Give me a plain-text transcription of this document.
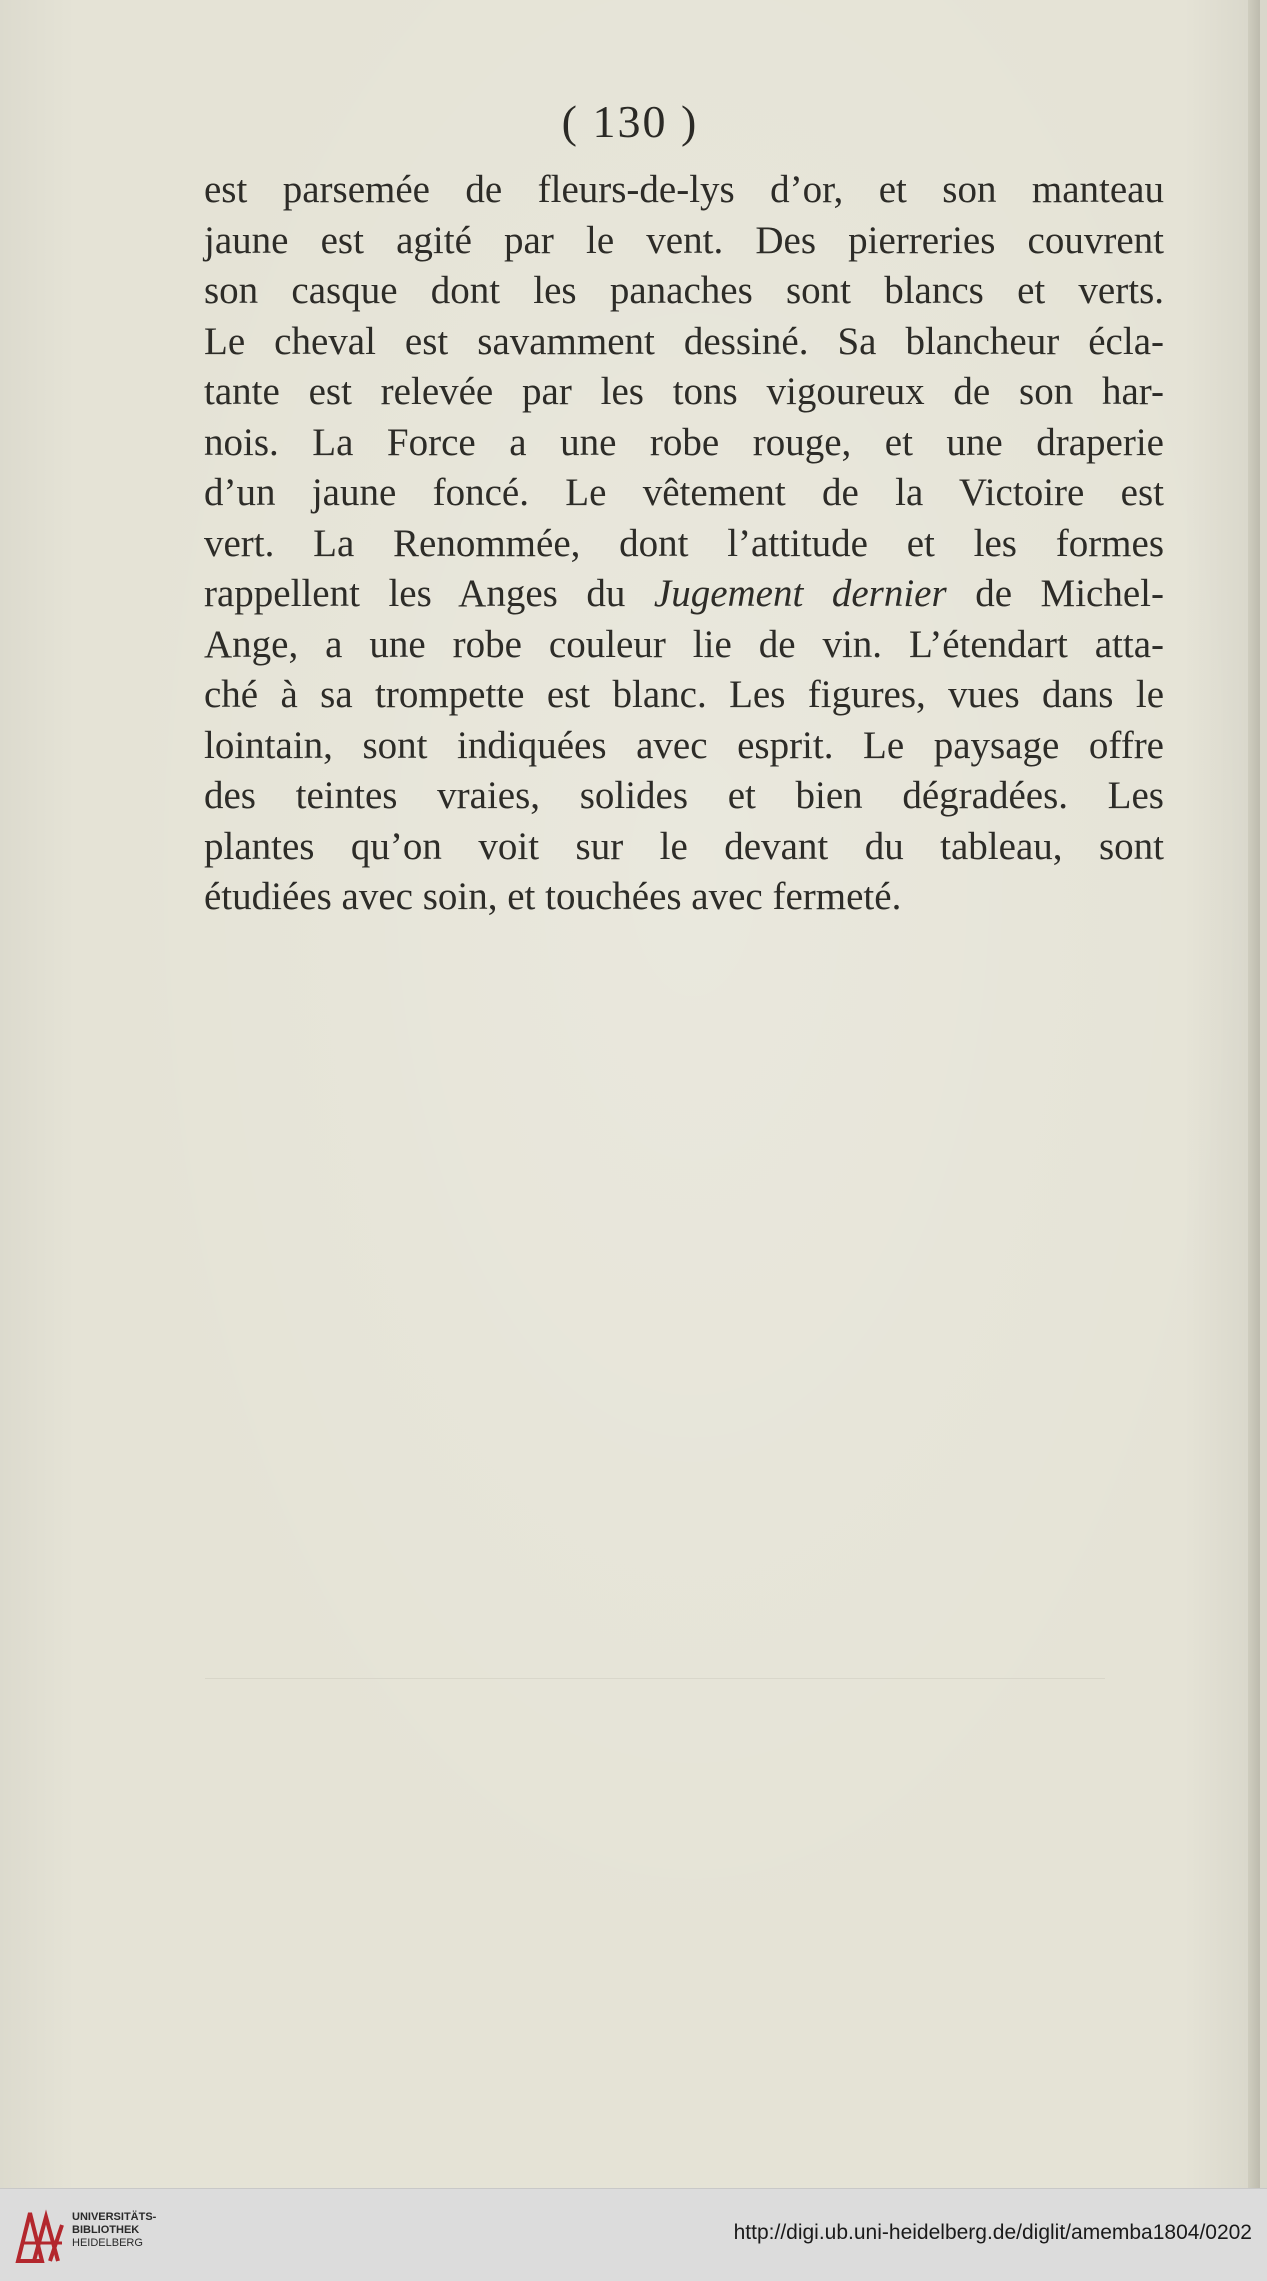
( 130 )

est parsemée de fleurs-de-lys d’or, et son manteau
jaune est agité par le vent. Des pierreries couvrent
son casque dont les panaches sont blancs et verts.
Le cheval est savamment dessiné. Sa blancheur écla-
tante est relevée par les tons vigoureux de son har-
nois. La Force a une robe rouge, et une draperie
d’un jaune foncé. Le vêtement de la Victoire est
vert. La Renommée, dont l’attitude et les formes
rappellent les Anges du Jugement dernier de Michel-
Ange, a une robe couleur lie de vin. L’étendart atta-
ché à sa trompette est blanc. Les figures, vues dans le
lointain, sont indiquées avec esprit. Le paysage offre
des teintes vraies, solides et bien dégradées. Les
plantes qu’on voit sur le devant du tableau, sont
étudiées avec soin, et touchées avec fermeté.
UNIVERSITÄTS-
BIBLIOTHEK
HEIDELBERG	http://digi.ub.uni-heidelberg.de/diglit/amemba1804/0202
